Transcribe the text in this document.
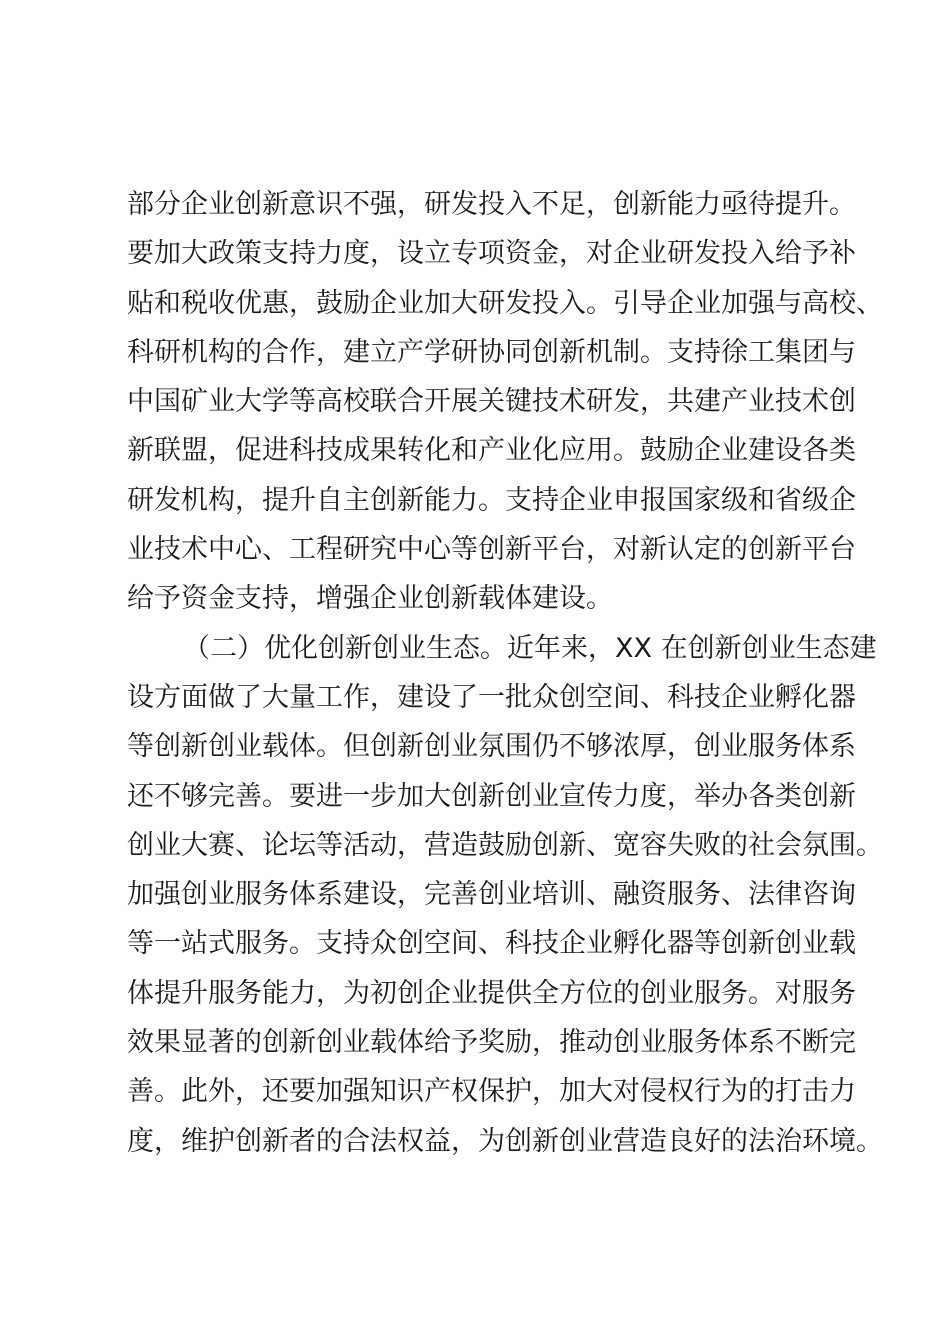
部分企业创新意识不强，研发投入不足，创新能力亟待提升。
要加大政策支持力度，设立专项资金，对企业研发投入给予补
贴和税收优惠，鼓励企业加大研发投入。引导企业加强与高校、
科研机构的合作，建立产学研协同创新机制。支持徐工集团与
中国矿业大学等高校联合开展关键技术研发，共建产业技术创
新联盟，促进科技成果转化和产业化应用。鼓励企业建设各类
研发机构，提升自主创新能力。支持企业申报国家级和省级企
业技术中心、工程研究中心等创新平台，对新认定的创新平台
给予资金支持，增强企业创新载体建设。
（二）优化创新创业生态。近年来，XX 在创新创业生态建
设方面做了大量工作，建设了一批众创空间、科技企业孵化器
等创新创业载体。但创新创业氛围仍不够浓厚，创业服务体系
还不够完善。要进一步加大创新创业宣传力度，举办各类创新
创业大赛、论坛等活动，营造鼓励创新、宽容失败的社会氛围。
加强创业服务体系建设，完善创业培训、融资服务、法律咨询
等一站式服务。支持众创空间、科技企业孵化器等创新创业载
体提升服务能力，为初创企业提供全方位的创业服务。对服务
效果显著的创新创业载体给予奖励，推动创业服务体系不断完
善。此外，还要加强知识产权保护，加大对侵权行为的打击力
度，维护创新者的合法权益，为创新创业营造良好的法治环境。
